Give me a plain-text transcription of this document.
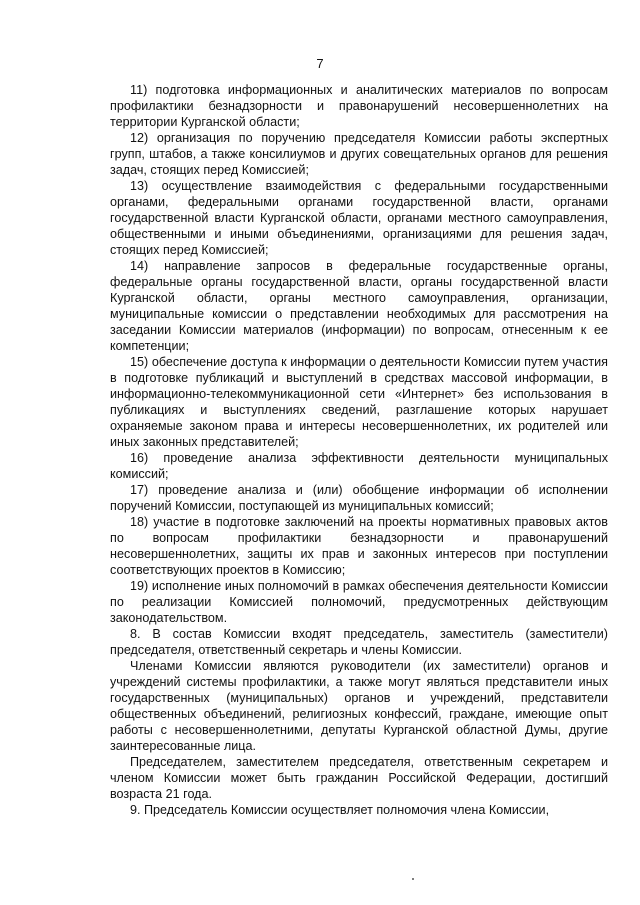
7

11) подготовка информационных и аналитических материалов по вопросам профилактики безнадзорности и правонарушений несовершеннолетних на территории Курганской области;

12) организация по поручению председателя Комиссии работы экспертных групп, штабов, а также консилиумов и других совещательных органов для решения задач, стоящих перед Комиссией;

13) осуществление взаимодействия с федеральными государственными органами, федеральными органами государственной власти, органами государственной власти Курганской области, органами местного самоуправления, общественными и иными объединениями, организациями для решения задач, стоящих перед Комиссией;

14) направление запросов в федеральные государственные органы, федеральные органы государственной власти, органы государственной власти Курганской области, органы местного самоуправления, организации, муниципальные комиссии о представлении необходимых для рассмотрения на заседании Комиссии материалов (информации) по вопросам, отнесенным к ее компетенции;

15) обеспечение доступа к информации о деятельности Комиссии путем участия в подготовке публикаций и выступлений в средствах массовой информации, в информационно-телекоммуникационной сети «Интернет» без использования в публикациях и выступлениях сведений, разглашение которых нарушает охраняемые законом права и интересы несовершеннолетних, их родителей или иных законных представителей;

16) проведение анализа эффективности деятельности муниципальных комиссий;

17) проведение анализа и (или) обобщение информации об исполнении поручений Комиссии, поступающей из муниципальных комиссий;

18) участие в подготовке заключений на проекты нормативных правовых актов по вопросам профилактики безнадзорности и правонарушений несовершеннолетних, защиты их прав и законных интересов при поступлении соответствующих проектов в Комиссию;

19) исполнение иных полномочий в рамках обеспечения деятельности Комиссии по реализации Комиссией полномочий, предусмотренных действующим законодательством.

8. В состав Комиссии входят председатель, заместитель (заместители) председателя, ответственный секретарь и члены Комиссии.

Членами Комиссии являются руководители (их заместители) органов и учреждений системы профилактики, а также могут являться представители иных государственных (муниципальных) органов и учреждений, представители общественных объединений, религиозных конфессий, граждане, имеющие опыт работы с несовершеннолетними, депутаты Курганской областной Думы, другие заинтересованные лица.

Председателем, заместителем председателя, ответственным секретарем и членом Комиссии может быть гражданин Российской Федерации, достигший возраста 21 года.

9. Председатель Комиссии осуществляет полномочия члена Комиссии,
